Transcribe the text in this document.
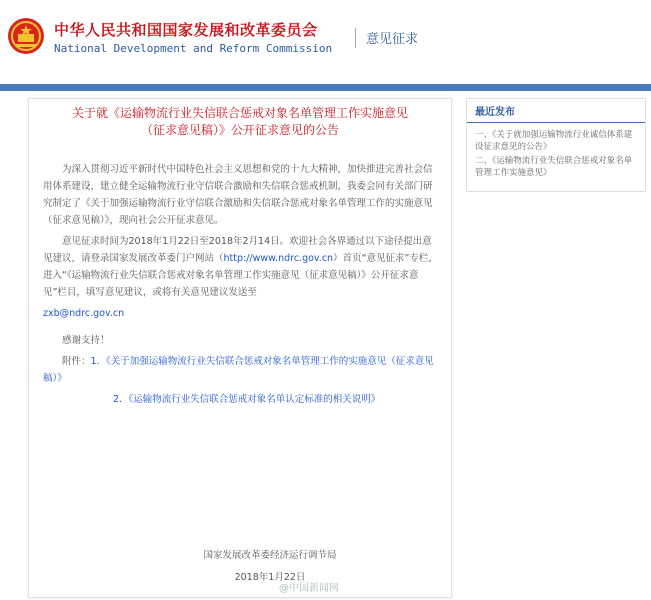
中华人民共和国国家发展和改革委员会
National Development and Reform Commission
意见征求
关于就《运输物流行业失信联合惩戒对象名单管理工作实施意见
（征求意见稿）》公开征求意见的公告

为深入贯彻习近平新时代中国特色社会主义思想和党的十九大精神，加快推进完善社会信用体系建设，建立健全运输物流行业守信联合激励和失信联合惩戒机制，我委会同有关部门研究制定了《关于加强运输物流行业守信联合激励和失信联合惩戒对象名单管理工作的实施意见（征求意见稿）》，现向社会公开征求意见。

意见征求时间为2018年1月22日至2018年2月14日。欢迎社会各界通过以下途径提出意见建议，请登录国家发展改革委门户网站（http://www.ndrc.gov.cn）首页“意见征求”专栏，进入“《运输物流行业失信联合惩戒对象名单管理工作实施意见（征求意见稿）》公开征求意见”栏目，填写意见建议，或将有关意见建议发送至

zxb@ndrc.gov.cn

感谢支持！

附件：1．《关于加强运输物流行业失信联合惩戒对象名单管理工作的实施意见（征求意见稿）》
2．《运输物流行业失信联合惩戒对象名单认定标准的相关说明》
国家发展改革委经济运行调节局
2018年1月22日
@中国新闻网
最近发布
一、《关于就加强运输物流行业诚信体系建设征求意见的公告》
二、《运输物流行业失信联合惩戒对象名单管理工作实施意见》
